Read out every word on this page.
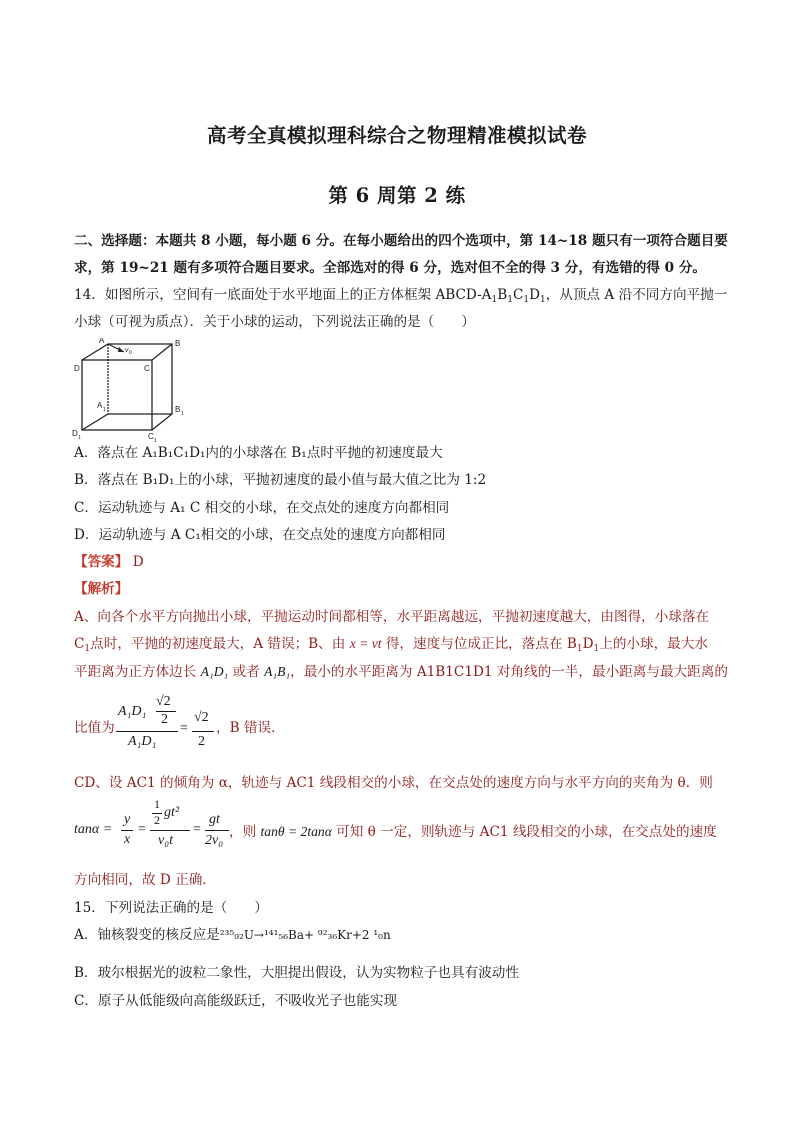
高考全真模拟理科综合之物理精准模拟试卷
第 6 周第 2 练
二、选择题：本题共 8 小题，每小题 6 分。在每小题给出的四个选项中，第 14~18 题只有一项符合题目要
求，第 19~21 题有多项符合题目要求。全部选对的得 6 分，选对但不全的得 3 分，有选错的得 0 分。
14．如图所示，空间有一底面处于水平地面上的正方体框架 ABCD-$A_1B_1C_1D_1$，从顶点 A 沿不同方向平抛一
小球（可视为质点）．关于小球的运动，下列说法正确的是（　　）
A	B
C
D
A 1	B 1
C 1
D 1
v 0
A．落点在 A₁B₁C₁D₁内的小球落在 B₁点时平抛的初速度最大
B．落点在 B₁D₁上的小球，平抛初速度的最小值与最大值之比为 1:2
C．运动轨迹与 A₁ C 相交的小球，在交点处的速度方向都相同
D．运动轨迹与 A C₁相交的小球，在交点处的速度方向都相同
【答案】 D
【解析】
A、向各个水平方向抛出小球，平抛运动时间都相等，水平距离越远，平抛初速度越大，由图得，小球落在
$C_1$点时，平抛的初速度最大，A 错误；B、由 x = vt 得，速度与位成正比，落点在 $B_1D_1$上的小球，最大水
平距离为正方体边长 A₁D₁ 或者 A₁B₁，最小的水平距离为 A1B1C1D1 对角线的一半，最小距离与最大距离的
比值为
A₁D₁
√2
2
A₁D₁
=
√2
2
，B 错误．
CD、设 AC1 的倾角为 α，轨迹与 AC1 线段相交的小球，在交点处的速度方向与水平方向的夹角为 θ．则
tanα =
y
x
=
1
2 gt²
v₀t
=
gt
2v₀
，则 tanθ = 2tanα 可知 θ 一定，则轨迹与 AC1 线段相交的小球，在交点处的速度
方向相同，故 D 正确．
15．下列说法正确的是（　　）
A．铀核裂变的核反应是²³⁵₉₂U→¹⁴¹₅₆Ba+ ⁹²₃₆Kr+2 ¹₀n
B．玻尔根据光的波粒二象性，大胆提出假设，认为实物粒子也具有波动性
C．原子从低能级向高能级跃迁，不吸收光子也能实现
